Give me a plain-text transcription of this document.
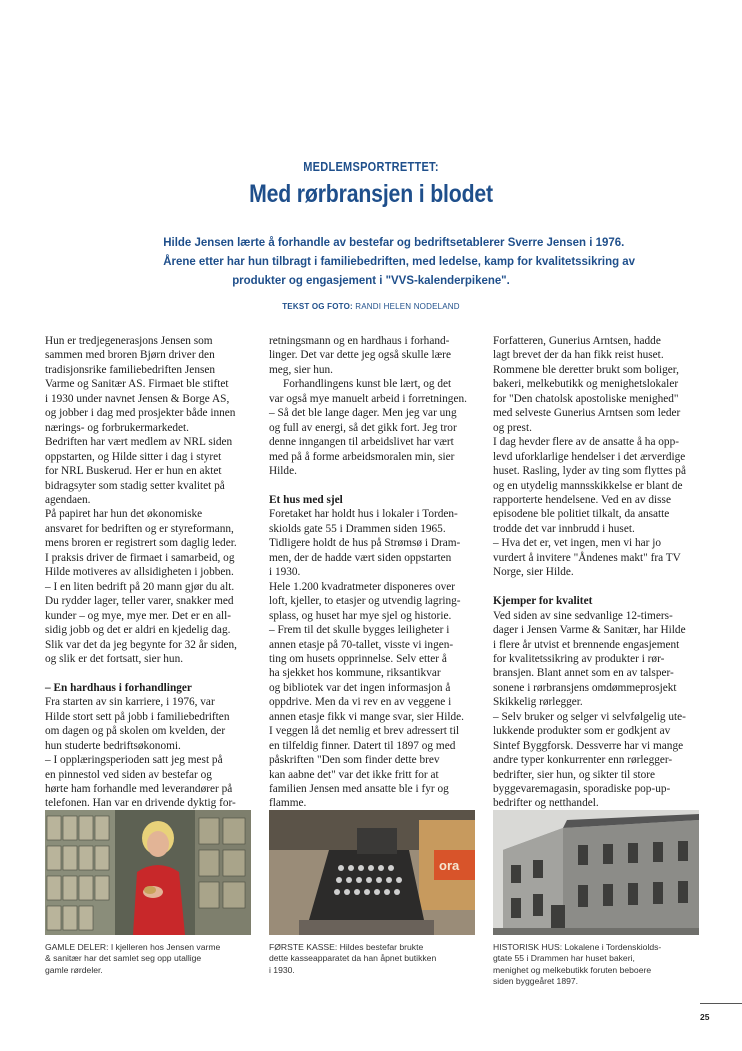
MEDLEMSPORTRETTET:
Med rørbransjen i blodet
Hilde Jensen lærte å forhandle av bestefar og bedriftsetablerer Sverre Jensen i 1976.
Årene etter har hun tilbragt i familiebedriften, med ledelse, kamp for kvalitetssikring av
produkter og engasjement i "VVS-kalenderpikene".
TEKST OG FOTO: RANDI HELEN NODELAND
Hun er tredjegenerasjons Jensen som
sammen med broren Bjørn driver den
tradisjonsrike familiebedriften Jensen
Varme og Sanitær AS. Firmaet ble stiftet
i 1930 under navnet Jensen & Borge AS,
og jobber i dag med prosjekter både innen
nærings- og forbrukermarkedet.
Bedriften har vært medlem av NRL siden
oppstarten, og Hilde sitter i dag i styret
for NRL Buskerud. Her er hun en aktet
bidragsyter som stadig setter kvalitet på
agendaen.
På papiret har hun det økonomiske
ansvaret for bedriften og er styreformann,
mens broren er registrert som daglig leder.
I praksis driver de firmaet i samarbeid, og
Hilde motiveres av allsidigheten i jobben.
– I en liten bedrift på 20 mann gjør du alt.
Du rydder lager, teller varer, snakker med
kunder – og mye, mye mer. Det er en all-
sidig jobb og det er aldri en kjedelig dag.
Slik var det da jeg begynte for 32 år siden,
og slik er det fortsatt, sier hun.
– En hardhaus i forhandlinger
Fra starten av sin karriere, i 1976, var
Hilde stort sett på jobb i familiebedriften
om dagen og på skolen om kvelden, der
hun studerte bedriftsøkonomi.
– I opplæringsperioden satt jeg mest på
en pinnestol ved siden av bestefar og
hørte ham forhandle med leverandører på
telefonen. Han var en drivende dyktig for-
retningsmann og en hardhaus i forhand-
linger. Det var dette jeg også skulle lære
meg, sier hun.
Forhandlingens kunst ble lært, og det
var også mye manuelt arbeid i forretningen.
– Så det ble lange dager. Men jeg var ung
og full av energi, så det gikk fort. Jeg tror
denne inngangen til arbeidslivet har vært
med på å forme arbeidsmoralen min, sier
Hilde.
Et hus med sjel
Foretaket har holdt hus i lokaler i Torden-
skiolds gate 55 i Drammen siden 1965.
Tidligere holdt de hus på Strømsø i Dram-
men, der de hadde vært siden oppstarten
i 1930.
Hele 1.200 kvadratmeter disponeres over
loft, kjeller, to etasjer og utvendig lagring-
splass, og huset har mye sjel og historie.
– Frem til det skulle bygges leiligheter i
annen etasje på 70-tallet, visste vi ingen-
ting om husets opprinnelse. Selv etter å
ha sjekket hos kommune, riksantikvar
og bibliotek var det ingen informasjon å
oppdrive. Men da vi rev en av veggene i
annen etasje fikk vi mange svar, sier Hilde.
I veggen lå det nemlig et brev adressert til
en tilfeldig finner. Datert til 1897 og med
påskriften "Den som finder dette brev
kan aabne det" var det ikke fritt for at
familien Jensen med ansatte ble i fyr og
flamme.
Forfatteren, Gunerius Arntsen, hadde
lagt brevet der da han fikk reist huset.
Rommene ble deretter brukt som boliger,
bakeri, melkebutikk og menighetslokaler
for "Den chatolsk apostoliske menighed"
med selveste Gunerius Arntsen som leder
og prest.
I dag hevder flere av de ansatte å ha opp-
levd uforklarlige hendelser i det ærverdige
huset. Rasling, lyder av ting som flyttes på
og en utydelig mannsskikkelse er blant de
rapporterte hendelsene. Ved en av disse
episodene ble politiet tilkalt, da ansatte
trodde det var innbrudd i huset.
– Hva det er, vet ingen, men vi har jo
vurdert å invitere "Åndenes makt" fra TV
Norge, sier Hilde.
Kjemper for kvalitet
Ved siden av sine sedvanlige 12-timers-
dager i Jensen Varme & Sanitær, har Hilde
i flere år utvist et brennende engasjement
for kvalitetssikring av produkter i rør-
bransjen. Blant annet som en av talsper-
sonene i rørbransjens omdømmeprosjekt
Skikkelig rørlegger.
– Selv bruker og selger vi selvfølgelig ute-
lukkende produkter som er godkjent av
Sintef Byggforsk. Dessverre har vi mange
andre typer konkurrenter enn rørlegger-
bedrifter, sier hun, og sikter til store
byggevaremagasin, sporadiske pop-up-
bedrifter og netthandel.
ora
GAMLE DELER: I kjelleren hos Jensen varme
& sanitær har det samlet seg opp utallige
gamle rørdeler.
FØRSTE KASSE: Hildes bestefar brukte
dette kasseapparatet da han åpnet butikken
i 1930.
HISTORISK HUS: Lokalene i Tordenskiolds-
gtate 55 i Drammen har huset bakeri,
menighet og melkebutikk foruten beboere
siden byggeåret 1897.
25
